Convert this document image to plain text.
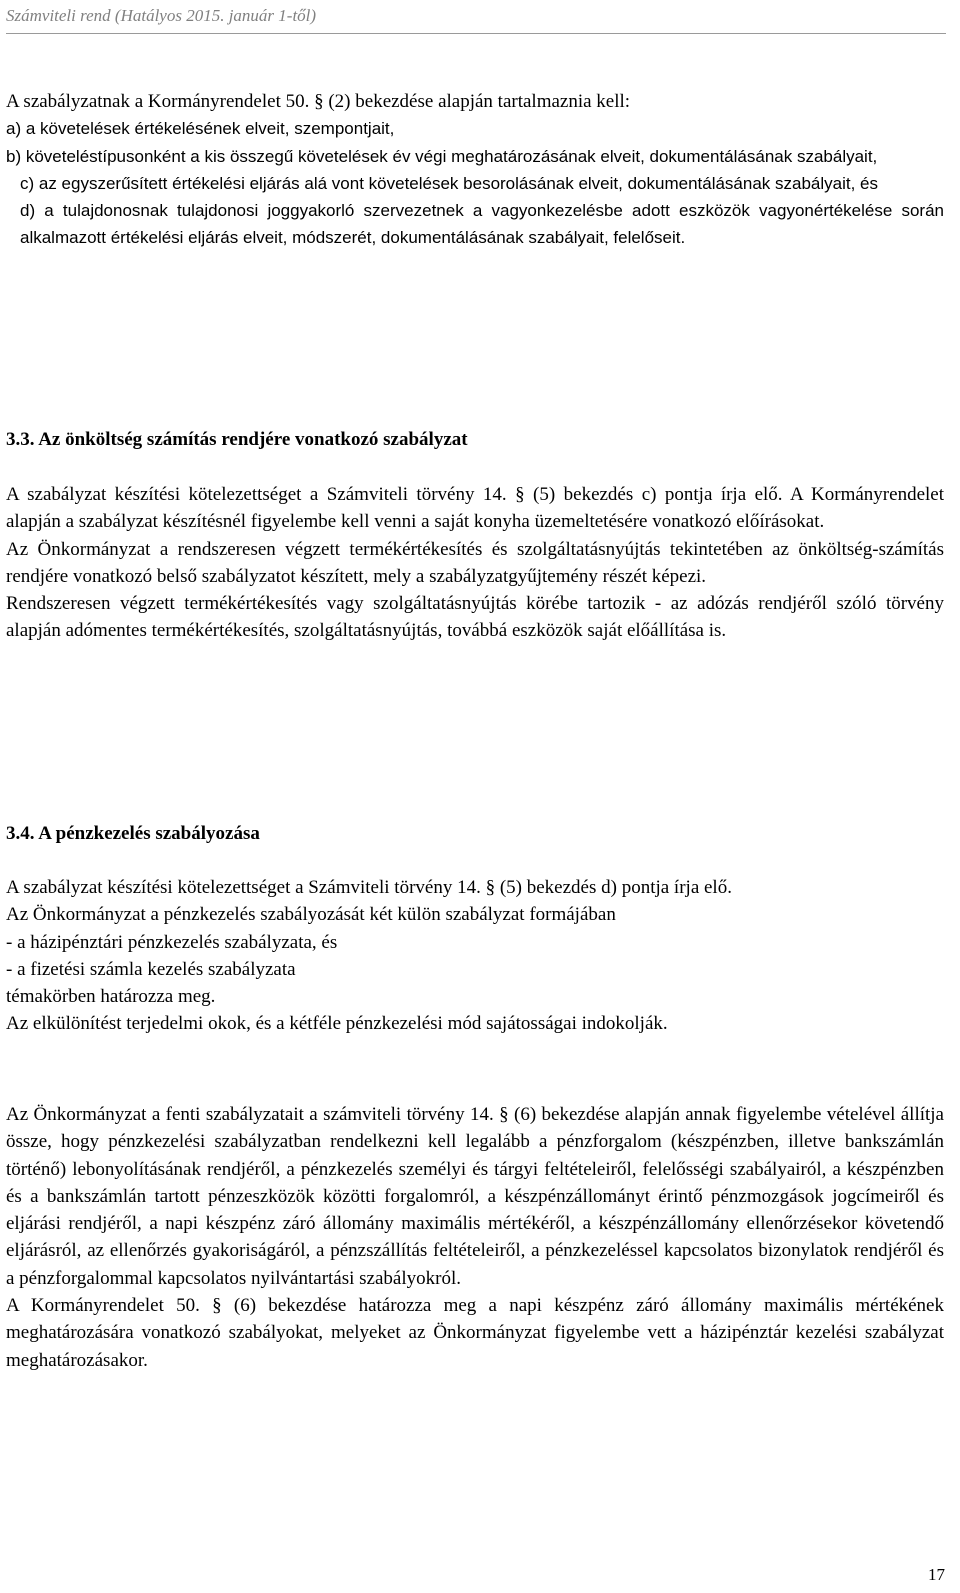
Számviteli rend (Hatályos 2015. január 1-től)

A szabályzatnak a Kormányrendelet 50. § (2) bekezdése alapján tartalmaznia kell:

a) a követelések értékelésének elveit, szempontjait,

b) követeléstípusonként a kis összegű követelések év végi meghatározásának elveit, dokumentálásának szabályait,

c) az egyszerűsített értékelési eljárás alá vont követelések besorolásának elveit, dokumentálásának szabályait, és

d) a tulajdonosnak tulajdonosi joggyakorló szervezetnek a vagyonkezelésbe adott eszközök vagyonértékelése során alkalmazott értékelési eljárás elveit, módszerét, dokumentálásának szabályait, felelőseit.

3.3. Az önköltség számítás rendjére vonatkozó szabályzat

A szabályzat készítési kötelezettséget a Számviteli törvény 14. § (5) bekezdés c) pontja írja elő. A Kormányrendelet alapján a szabályzat készítésnél figyelembe kell venni a saját konyha üzemeltetésére vonatkozó előírásokat.

Az Önkormányzat a rendszeresen végzett termékértékesítés és szolgáltatásnyújtás tekintetében az önköltség-számítás rendjére vonatkozó belső szabályzatot készített, mely a szabályzatgyűjtemény részét képezi.

Rendszeresen végzett termékértékesítés vagy szolgáltatásnyújtás körébe tartozik - az adózás rendjéről szóló törvény alapján adómentes termékértékesítés, szolgáltatásnyújtás, továbbá eszközök saját előállítása is.

3.4. A pénzkezelés szabályozása

A szabályzat készítési kötelezettséget a Számviteli törvény 14. § (5) bekezdés d) pontja írja elő.

Az Önkormányzat a pénzkezelés szabályozását két külön szabályzat formájában

- a házipénztári pénzkezelés szabályzata, és

- a fizetési számla kezelés szabályzata

témakörben határozza meg.

Az elkülönítést terjedelmi okok, és a kétféle pénzkezelési mód sajátosságai indokolják.

Az Önkormányzat a fenti szabályzatait a számviteli törvény 14. § (6) bekezdése alapján annak figyelembe vételével állítja össze, hogy pénzkezelési szabályzatban rendelkezni kell legalább a pénzforgalom (készpénzben, illetve bankszámlán történő) lebonyolításának rendjéről, a pénzkezelés személyi és tárgyi feltételeiről, felelősségi szabályairól, a készpénzben és a bankszámlán tartott pénzeszközök közötti forgalomról, a készpénzállományt érintő pénzmozgások jogcímeiről és eljárási rendjéről, a napi készpénz záró állomány maximális mértékéről, a készpénzállomány ellenőrzésekor követendő eljárásról, az ellenőrzés gyakoriságáról, a pénzszállítás feltételeiről, a pénzkezeléssel kapcsolatos bizonylatok rendjéről és a pénzforgalommal kapcsolatos nyilvántartási szabályokról.

A Kormányrendelet 50. § (6) bekezdése határozza meg a napi készpénz záró állomány maximális mértékének meghatározására vonatkozó szabályokat, melyeket az Önkormányzat figyelembe vett a házipénztár kezelési szabályzat meghatározásakor.

17
